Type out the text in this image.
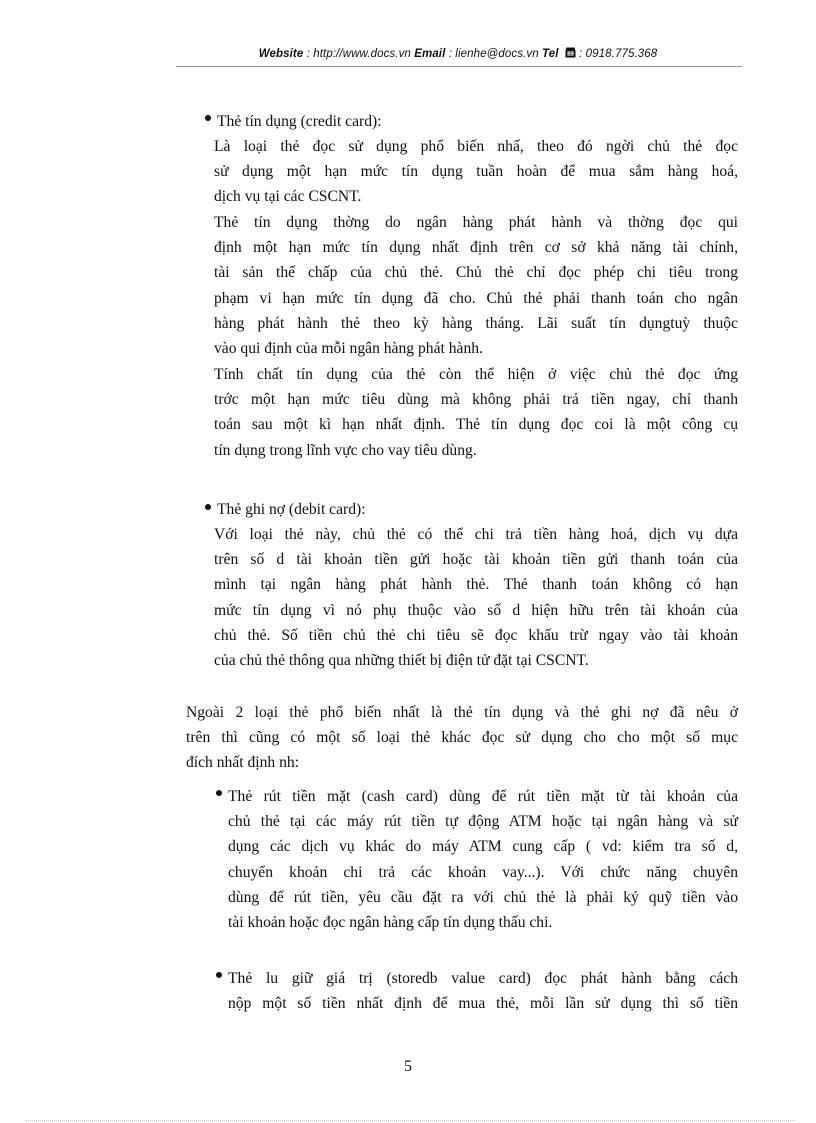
Website : http://www.docs.vn Email : lienhe@docs.vn Tel  : 0918.775.368
Thẻ tín dụng (credit card):
Là loại thẻ đọc sử dụng phổ biến nhấ, theo đó ngời chủ thẻ đọc
sử dụng một hạn mức tín dụng tuần hoàn để mua sắm hàng hoá,
dịch vụ tại các CSCNT.
Thẻ tín dụng thờng do ngân hàng phát hành và thờng đọc qui
định một hạn mức tín dụng nhất định trên cơ sở khả năng tài chính,
tài sản thế chấp của chủ thẻ. Chủ thẻ chỉ đọc phép chi tiêu trong
phạm vi hạn mức tín dụng đã cho. Chủ thẻ phải thanh toán cho ngân
hàng phát hành thẻ theo kỳ hàng tháng. Lãi suất tín dụngtuỳ thuộc
vào qui định của mỗi ngân hàng phát hành.
Tính chất tín dụng của thẻ còn thể hiện ở việc chủ thẻ đọc ứng
trớc một hạn mức tiêu dùng mà không phải trả tiền ngay, chỉ thanh
toán sau một kì hạn nhất định. Thẻ tín dụng đọc coi là một công cụ
tín dụng trong lĩnh vực cho vay tiêu dùng.
Thẻ ghi nợ (debit card):
Với loại thẻ này, chủ thẻ có thể chi trả tiền hàng hoá, dịch vụ dựa
trên số d tài khoản tiền gửi hoặc tài khoản tiền gửi thanh toán của
mình tại ngân hàng phát hành thẻ. Thẻ thanh toán không có hạn
mức tín dụng vì nó phụ thuộc vào số d hiện hữu trên tài khoản của
chủ thẻ. Số tiền chủ thẻ chi tiêu sẽ đọc khấu trừ ngay vào tài khoản
của chủ thẻ thông qua những thiết bị điện tử đặt tại CSCNT.
Ngoài 2 loại thẻ phổ biến nhất là thẻ tín dụng và thẻ ghi nợ đã nêu ở
trên thì cũng có một số loại thẻ khác đọc sử dụng cho cho một số mục
đích nhất định nh:
Thẻ rút tiền mặt (cash card) dùng để rút tiền mặt từ tài khoản của
chủ thẻ tại các máy rút tiền tự động ATM hoặc tại ngân hàng và sử
dụng các dịch vụ khác do máy ATM cung cấp ( vd: kiểm tra số d,
chuyển khoản chi trả các khoản vay...). Với chức năng chuyên
dùng để rút tiền, yêu cầu đặt ra với chủ thẻ là phải ký quỹ tiền vào
tài khoản hoặc đọc ngân hàng cấp tín dụng thấu chi.
Thẻ lu giữ giá trị (storedb value card) đọc phát hành bằng cách
nộp một số tiền nhất định để mua thẻ, mỗi lần sử dụng thì số tiền
5
